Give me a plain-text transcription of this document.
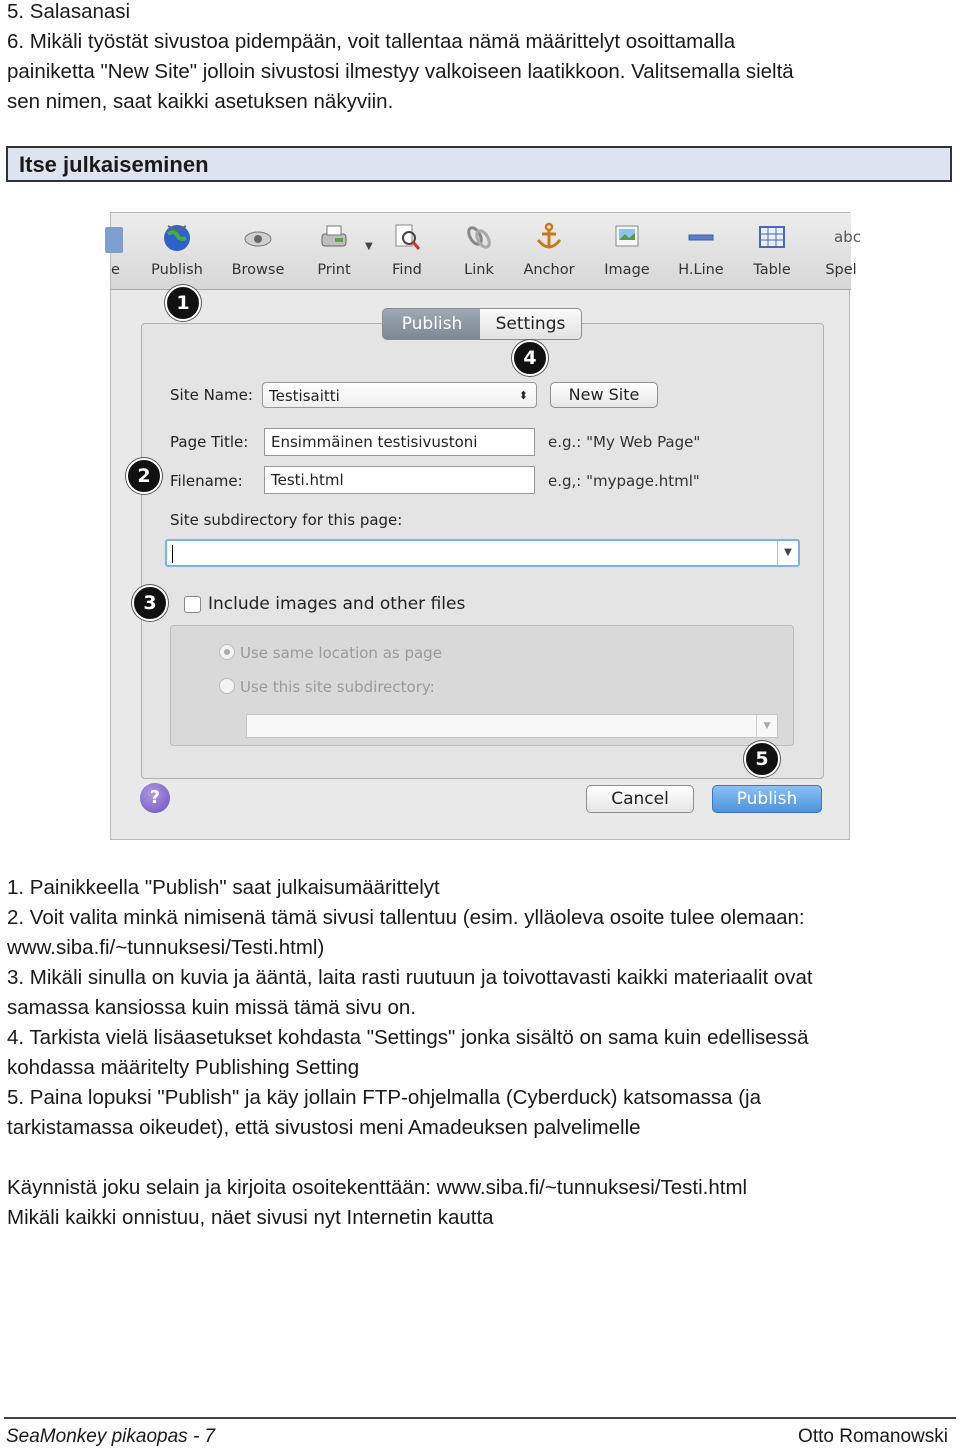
5. Salasanasi
6. Mikäli työstät sivustoa pidempään, voit tallentaa nämä määrittelyt osoittamalla
painiketta "New Site" jolloin sivustosi ilmestyy valkoiseen laatikkoon. Valitsemalla sieltä
sen nimen, saat kaikki asetuksen näkyviin.
Itse julkaiseminen
e Publish Browse	Print
▼
Find	Link	Anchor	Image	H.Line	Table
abc
Spel
1
Publish	Settings
4
Site Name:	Testisaitti	⬍	New Site
Page Title:	Ensimmäinen testisivustoni	e.g.: "My Web Page"
2	Filename:	Testi.html	e.g,: "mypage.html"
Site subdirectory for this page:
▼
3	Include images and other files
Use same location as page
Use this site subdirectory:
▼
5
?	Cancel	Publish
1. Painikkeella "Publish" saat julkaisumäärittelyt
2. Voit valita minkä nimisenä tämä sivusi tallentuu (esim. ylläoleva osoite tulee olemaan:
www.siba.fi/~tunnuksesi/Testi.html)
3. Mikäli sinulla on kuvia ja ääntä, laita rasti ruutuun ja toivottavasti kaikki materiaalit ovat
samassa kansiossa kuin missä tämä sivu on.
4. Tarkista vielä lisäasetukset kohdasta "Settings" jonka sisältö on sama kuin edellisessä
kohdassa määritelty Publishing Setting
5. Paina lopuksi "Publish" ja käy jollain FTP-ohjelmalla (Cyberduck) katsomassa (ja
tarkistamassa oikeudet), että sivustosi meni Amadeuksen palvelimelle
Käynnistä joku selain ja kirjoita osoitekenttään: www.siba.fi/~tunnuksesi/Testi.html
Mikäli kaikki onnistuu, näet sivusi nyt Internetin kautta
SeaMonkey pikaopas - 7	Otto Romanowski
